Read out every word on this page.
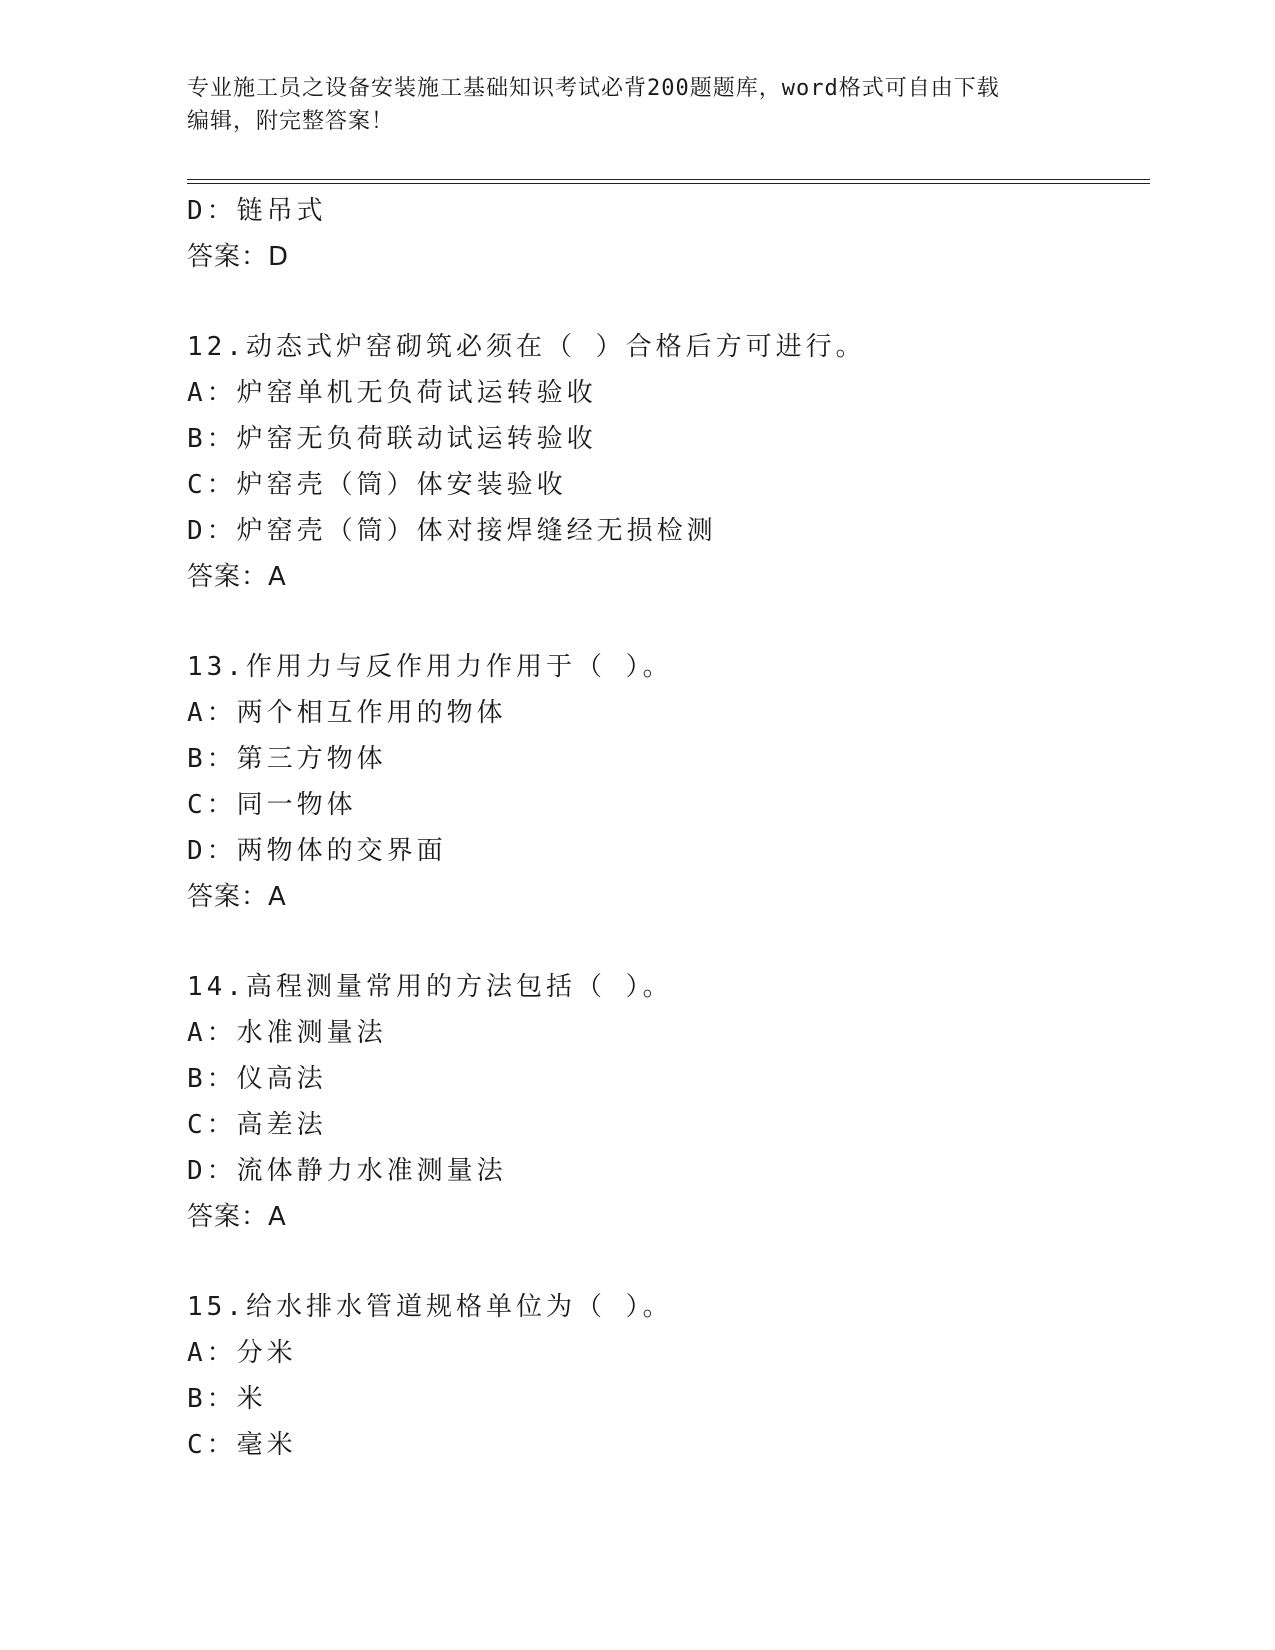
专业施工员之设备安装施工基础知识考试必背200题题库，word格式可自由下载
编辑，附完整答案！
D：链吊式
答案：D
12.动态式炉窑砌筑必须在（ ）合格后方可进行。
A：炉窑单机无负荷试运转验收
B：炉窑无负荷联动试运转验收
C：炉窑壳（筒）体安装验收
D：炉窑壳（筒）体对接焊缝经无损检测
答案：A
13.作用力与反作用力作用于（ ）。
A：两个相互作用的物体
B：第三方物体
C：同一物体
D：两物体的交界面
答案：A
14.高程测量常用的方法包括（ ）。
A：水准测量法
B：仪高法
C：高差法
D：流体静力水准测量法
答案：A
15.给水排水管道规格单位为（ ）。
A：分米
B：米
C：毫米
